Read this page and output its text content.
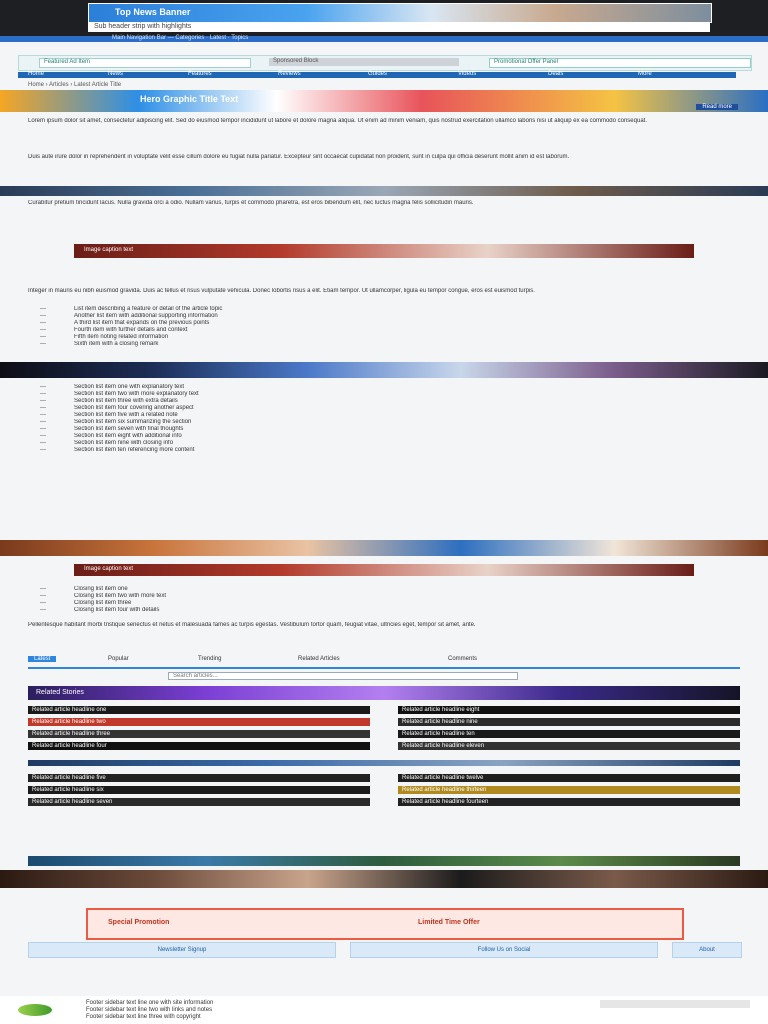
Top News Banner
Sub header strip with highlights
Main Navigation Bar — Categories · Latest · Topics
Featured Ad Item	Sponsored Block	Promotional Offer Panel
Home	News	Features	Reviews	Guides	Videos	Deals	More
Home › Articles › Latest Article Title
Hero Graphic Title Text
Read more
Lorem ipsum dolor sit amet, consectetur adipiscing elit. Sed do eiusmod tempor incididunt ut labore et dolore magna aliqua. Ut enim ad minim veniam, quis nostrud exercitation ullamco laboris nisi ut aliquip ex ea commodo consequat.
Duis aute irure dolor in reprehenderit in voluptate velit esse cillum dolore eu fugiat nulla pariatur. Excepteur sint occaecat cupidatat non proident, sunt in culpa qui officia deserunt mollit anim id est laborum.
Curabitur pretium tincidunt lacus. Nulla gravida orci a odio. Nullam varius, turpis et commodo pharetra, est eros bibendum elit, nec luctus magna felis sollicitudin mauris.
Image caption text
Integer in mauris eu nibh euismod gravida. Duis ac tellus et risus vulputate vehicula. Donec lobortis risus a elit. Etiam tempor. Ut ullamcorper, ligula eu tempor congue, eros est euismod turpis.
— List item describing a feature or detail of the article topic
— Another list item with additional supporting information
— A third list item that expands on the previous points
— Fourth item with further details and context
— Fifth item noting related information
— Sixth item with a closing remark
— Section list item one with explanatory text
— Section list item two with more explanatory text
— Section list item three with extra details
— Section list item four covering another aspect
— Section list item five with a related note
— Section list item six summarizing the section
— Section list item seven with final thoughts
— Section list item eight with additional info
— Section list item nine with closing info
— Section list item ten referencing more content
Image caption text
— Closing list item one
— Closing list item two with more text
— Closing list item three
— Closing list item four with details
Pellentesque habitant morbi tristique senectus et netus et malesuada fames ac turpis egestas. Vestibulum tortor quam, feugiat vitae, ultricies eget, tempor sit amet, ante.
Latest	Popular	Trending	Related Articles	Comments
Search articles...
Related Stories
Related article headline one
Related article headline two
Related article headline three
Related article headline four
Related article headline five
Related article headline six
Related article headline seven
Related article headline eight
Related article headline nine
Related article headline ten
Related article headline eleven
Related article headline twelve
Related article headline thirteen
Related article headline fourteen
Special Promotion	Limited Time Offer
Newsletter Signup	Follow Us on Social	About
Footer sidebar text line one with site information
Footer sidebar text line two with links and notes
Footer sidebar text line three with copyright
